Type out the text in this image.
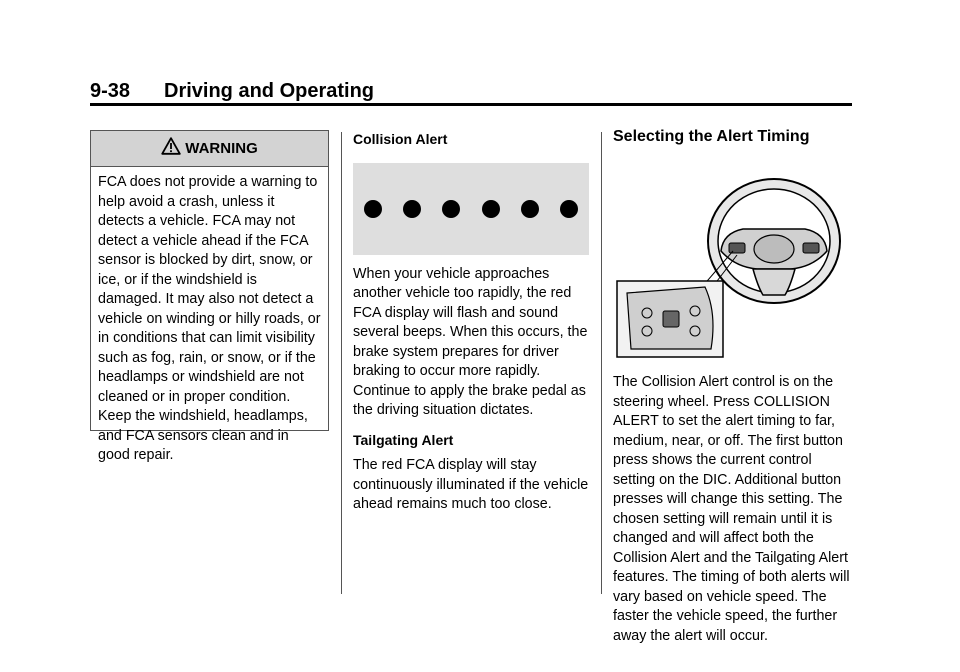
9-38 Driving and Operating
WARNING
FCA does not provide a warning to help avoid a crash, unless it detects a vehicle. FCA may not detect a vehicle ahead if the FCA sensor is blocked by dirt, snow, or ice, or if the windshield is damaged. It may also not detect a vehicle on winding or hilly roads, or in conditions that can limit visibility such as fog, rain, or snow, or if the headlamps or windshield are not cleaned or in proper condition. Keep the windshield, headlamps, and FCA sensors clean and in good repair.
Collision Alert
When your vehicle approaches another vehicle too rapidly, the red FCA display will flash and sound several beeps. When this occurs, the brake system prepares for driver braking to occur more rapidly. Continue to apply the brake pedal as the driving situation dictates.
Tailgating Alert
The red FCA display will stay continuously illuminated if the vehicle ahead remains much too close.
Selecting the Alert Timing
The Collision Alert control is on the steering wheel. Press COLLISION ALERT to set the alert timing to far, medium, near, or off. The first button press shows the current control setting on the DIC. Additional button presses will change this setting. The chosen setting will remain until it is changed and will affect both the Collision Alert and the Tailgating Alert features. The timing of both alerts will vary based on vehicle speed. The faster the vehicle speed, the further away the alert will occur.
